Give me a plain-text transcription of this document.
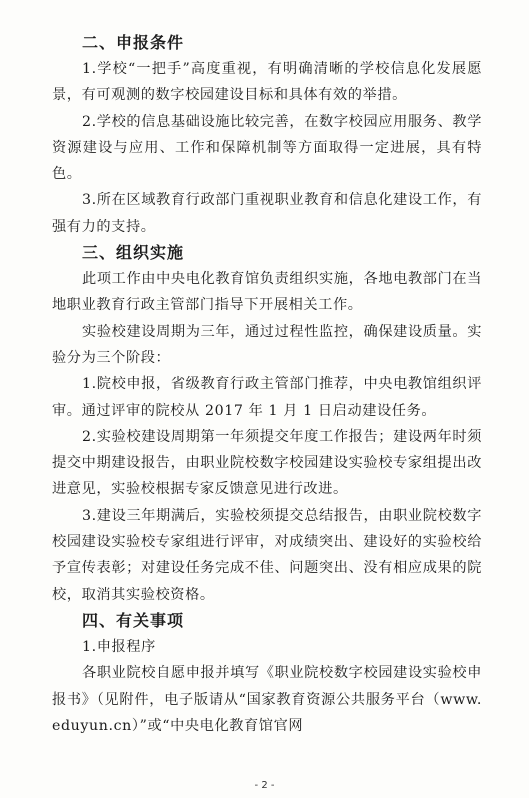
二、申报条件

1.学校“一把手”高度重视，有明确清晰的学校信息化发展愿景，有可观测的数字校园建设目标和具体有效的举措。

2.学校的信息基础设施比较完善，在数字校园应用服务、教学资源建设与应用、工作和保障机制等方面取得一定进展，具有特色。

3.所在区域教育行政部门重视职业教育和信息化建设工作，有强有力的支持。

三、组织实施

此项工作由中央电化教育馆负责组织实施，各地电教部门在当地职业教育行政主管部门指导下开展相关工作。

实验校建设周期为三年，通过过程性监控，确保建设质量。实验分为三个阶段：

1.院校申报，省级教育行政主管部门推荐，中央电教馆组织评审。通过评审的院校从 2017 年 1 月 1 日启动建设任务。

2.实验校建设周期第一年须提交年度工作报告；建设两年时须提交中期建设报告，由职业院校数字校园建设实验校专家组提出改进意见，实验校根据专家反馈意见进行改进。

3.建设三年期满后，实验校须提交总结报告，由职业院校数字校园建设实验校专家组进行评审，对成绩突出、建设好的实验校给予宣传表彰；对建设任务完成不佳、问题突出、没有相应成果的院校，取消其实验校资格。

四、有关事项
1.申报程序

各职业院校自愿申报并填写《职业院校数字校园建设实验校申报书》（见附件，电子版请从“国家教育资源公共服务平台（www.eduyun.cn）”或“中央电化教育馆官网

- 2 -
